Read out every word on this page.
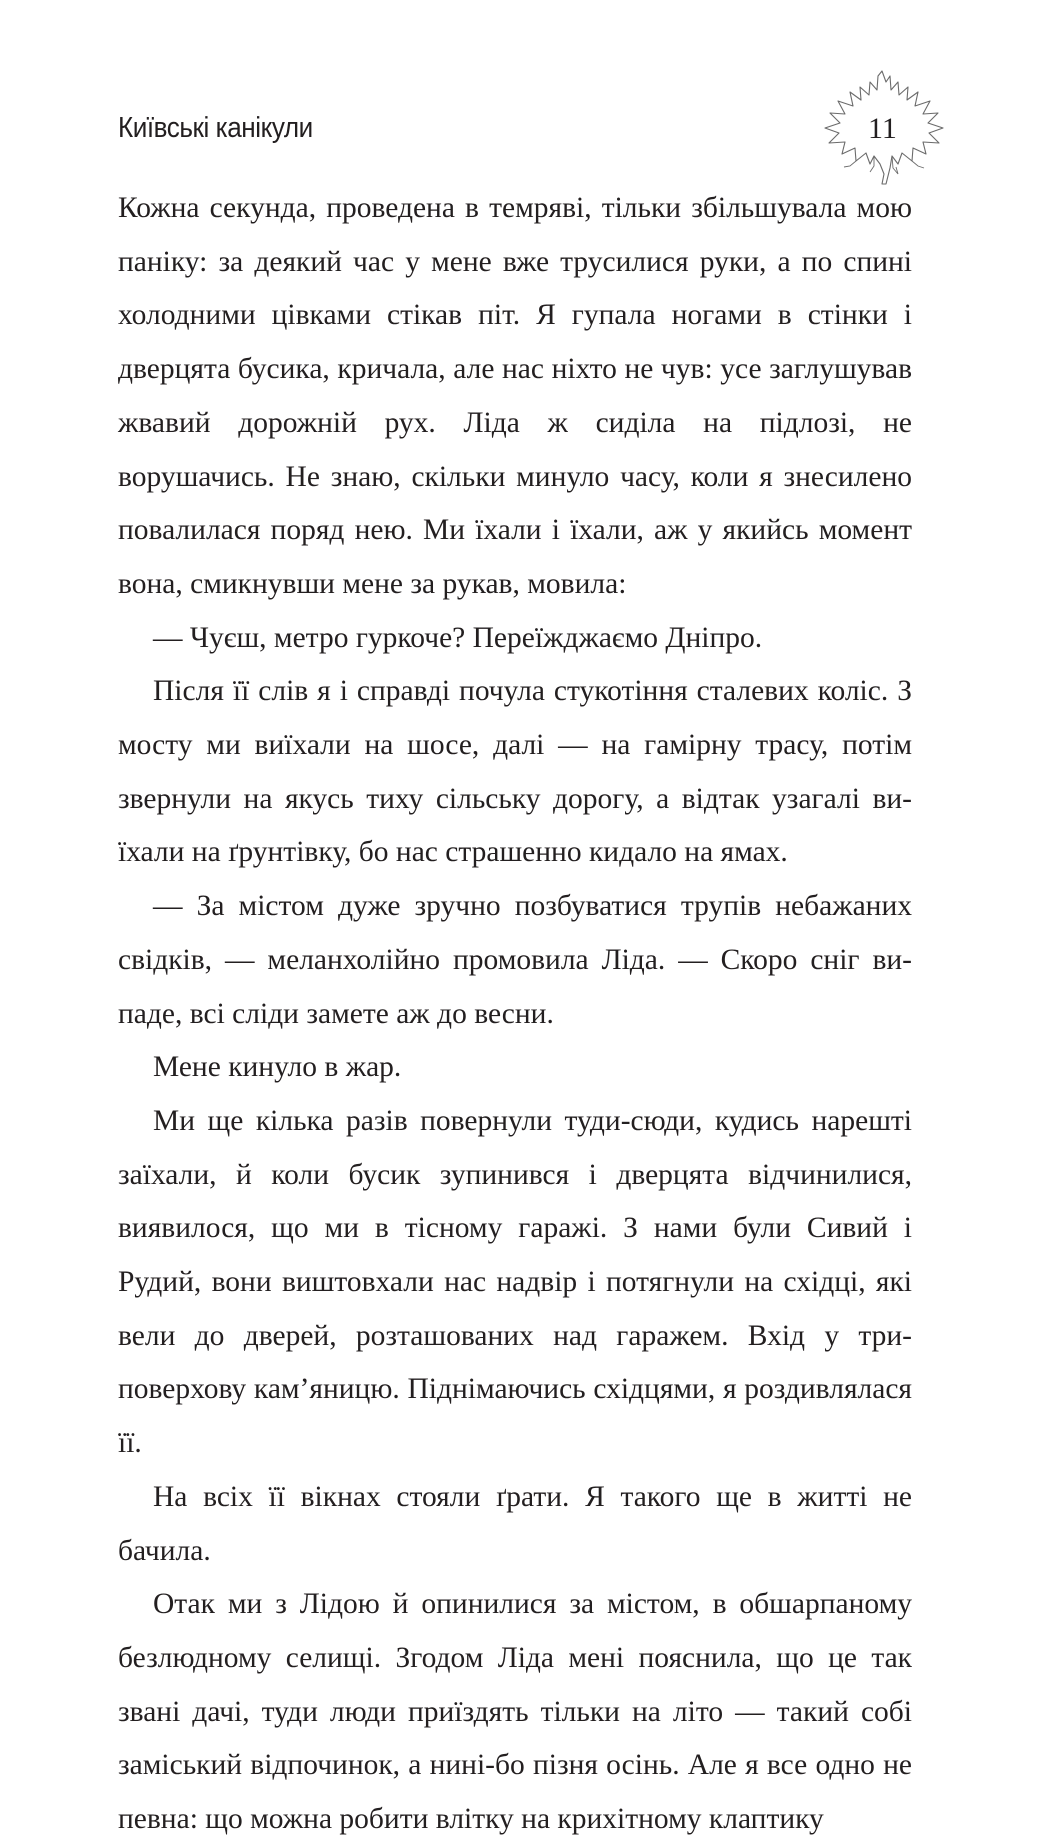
Київські канікули	11

Кожна секунда, проведена в темряві, тільки збільшувала мою паніку: за деякий час у мене вже трусилися руки, а по спині холодними цівками стікав піт. Я гупала ногами в стінки і дверцята бусика, кричала, але нас ніхто не чув: усе заглушував жвавий дорожній рух. Ліда ж сиділа на підлозі, не ворушачись. Не знаю, скільки минуло часу, коли я знесилено повалилася поряд нею. Ми їхали і їхали, аж у якийсь момент вона, смикнувши мене за рукав, мовила:

— Чуєш, метро гуркоче? Переїжджаємо Дніпро.

Після її слів я і справді почула стукотіння сталевих коліс. З мосту ми виїхали на шосе, далі — на гамірну трасу, потім звернули на якусь тиху сільську дорогу, а відтак узагалі виїхали на ґрунтівку, бо нас страшенно кидало на ямах.

— За містом дуже зручно позбуватися трупів небажаних свідків, — меланхолійно промовила Ліда. — Скоро сніг випаде, всі сліди замете аж до весни.

Мене кинуло в жар.

Ми ще кілька разів повернули туди-сюди, кудись нарешті заїхали, й коли бусик зупинився і дверцята відчинилися, виявилося, що ми в тісному гаражі. З нами були Сивий і Рудий, вони виштовхали нас надвір і потягнули на східці, які вели до дверей, розташованих над гаражем. Вхід у триповерхову кам’яницю. Піднімаючись східцями, я роздивлялася її.

На всіх її вікнах стояли ґрати. Я такого ще в житті не бачила.

Отак ми з Лідою й опинилися за містом, в обшарпаному безлюдному селищі. Згодом Ліда мені пояснила, що це так звані дачі, туди люди приїздять тільки на літо — такий собі заміський відпочинок, а нині-бо пізня осінь. Але я все одно не певна: що можна робити влітку на крихітному клаптику
